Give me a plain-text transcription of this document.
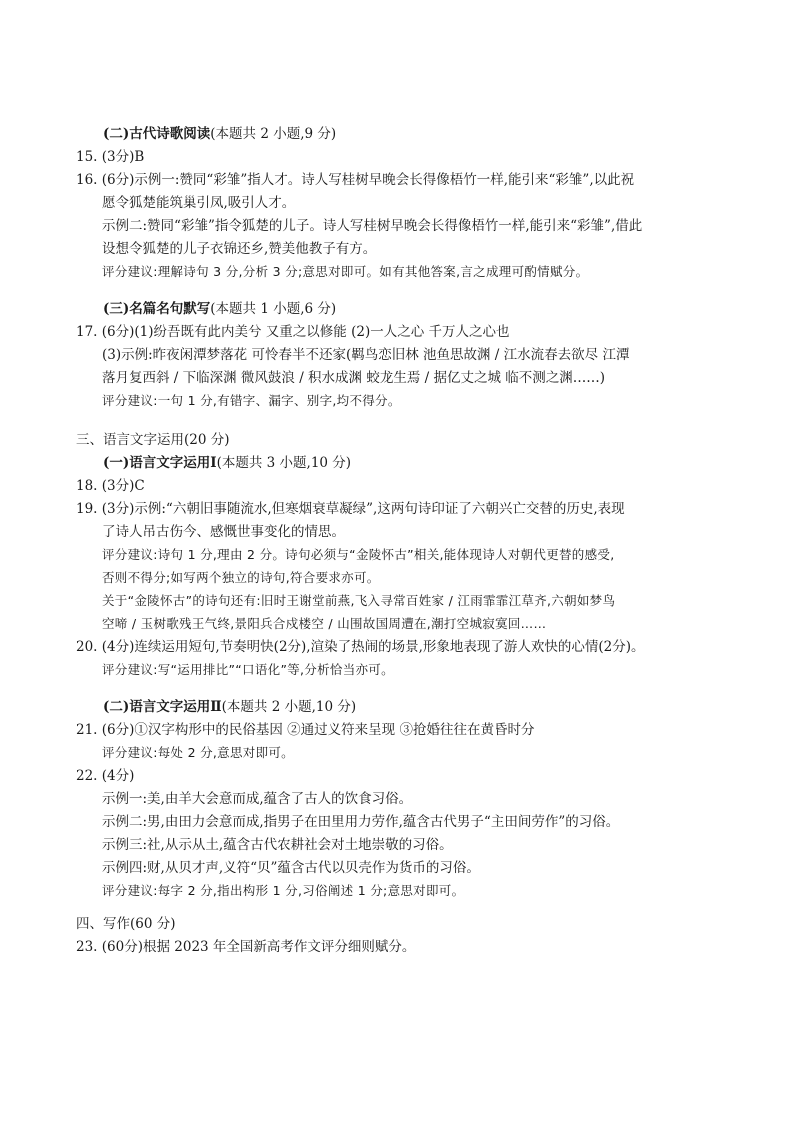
(二)古代诗歌阅读(本题共 2 小题,9 分)
15. (3分)B
16. (6分)示例一:赞同“彩雏”指人才。诗人写桂树早晚会长得像梧竹一样,能引来“彩雏”,以此祝
愿令狐楚能筑巢引凤,吸引人才。
示例二:赞同“彩雏”指令狐楚的儿子。诗人写桂树早晚会长得像梧竹一样,能引来“彩雏”,借此
设想令狐楚的儿子衣锦还乡,赞美他教子有方。
评分建议:理解诗句 3 分,分析 3 分;意思对即可。如有其他答案,言之成理可酌情赋分。
(三)名篇名句默写(本题共 1 小题,6 分)
17. (6分)(1)纷吾既有此内美兮 又重之以修能 (2)一人之心 千万人之心也
(3)示例:昨夜闲潭梦落花 可怜春半不还家(羁鸟恋旧林 池鱼思故渊 / 江水流春去欲尽 江潭
落月复西斜 / 下临深渊 微风鼓浪 / 积水成渊 蛟龙生焉 / 据亿丈之城 临不测之渊……)
评分建议:一句 1 分,有错字、漏字、别字,均不得分。
三、语言文字运用(20 分)
(一)语言文字运用Ⅰ(本题共 3 小题,10 分)
18. (3分)C
19. (3分)示例:“六朝旧事随流水,但寒烟衰草凝绿”,这两句诗印证了六朝兴亡交替的历史,表现
了诗人吊古伤今、感慨世事变化的情思。
评分建议:诗句 1 分,理由 2 分。诗句必须与“金陵怀古”相关,能体现诗人对朝代更替的感受,
否则不得分;如写两个独立的诗句,符合要求亦可。
关于“金陵怀古”的诗句还有:旧时王谢堂前燕,飞入寻常百姓家 / 江雨霏霏江草齐,六朝如梦鸟
空啼 / 玉树歌残王气终,景阳兵合戍楼空 / 山围故国周遭在,潮打空城寂寞回……
20. (4分)连续运用短句,节奏明快(2分),渲染了热闹的场景,形象地表现了游人欢快的心情(2分)。
评分建议:写“运用排比”“口语化”等,分析恰当亦可。
(二)语言文字运用Ⅱ(本题共 2 小题,10 分)
21. (6分)①汉字构形中的民俗基因 ②通过义符来呈现 ③抢婚往往在黄昏时分
评分建议:每处 2 分,意思对即可。
22. (4分)
示例一:美,由羊大会意而成,蕴含了古人的饮食习俗。
示例二:男,由田力会意而成,指男子在田里用力劳作,蕴含古代男子“主田间劳作”的习俗。
示例三:社,从示从土,蕴含古代农耕社会对土地崇敬的习俗。
示例四:财,从贝才声,义符“贝”蕴含古代以贝壳作为货币的习俗。
评分建议:每字 2 分,指出构形 1 分,习俗阐述 1 分;意思对即可。
四、写作(60 分)
23. (60分)根据 2023 年全国新高考作文评分细则赋分。
